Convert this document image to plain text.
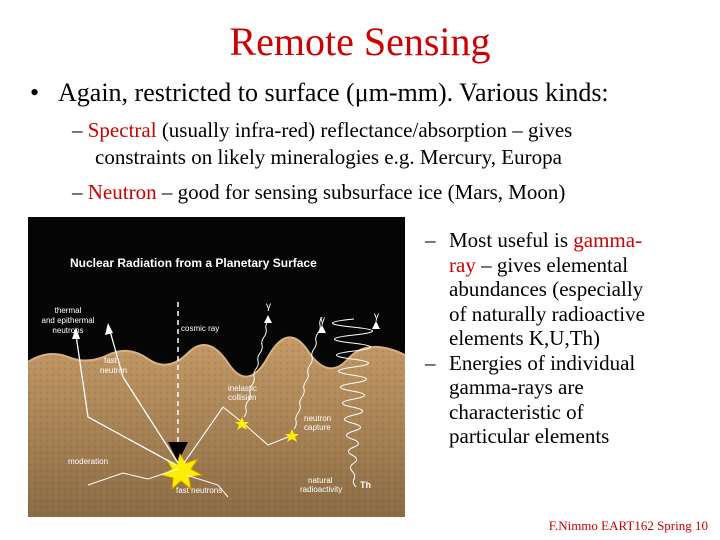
Remote Sensing
• Again, restricted to surface (μm-mm). Various kinds:
– Spectral (usually infra-red) reflectance/absorption – gives
constraints on likely mineralogies e.g. Mercury, Europa
– Neutron – good for sensing subsurface ice (Mars, Moon)
Nuclear Radiation from a Planetary Surface
thermal
and epithermal
neutrons	cosmic ray
fast
neutron
γ
γ	γ
inelastic
collision
neutron
capture
moderation
fast neutrons
natural
radioactivity Th
– Most useful is gamma-
ray – gives elemental
abundances (especially
of naturally radioactive
elements K,U,Th)
– Energies of individual
gamma-rays are
characteristic of
particular elements
F.Nimmo EART162 Spring 10
